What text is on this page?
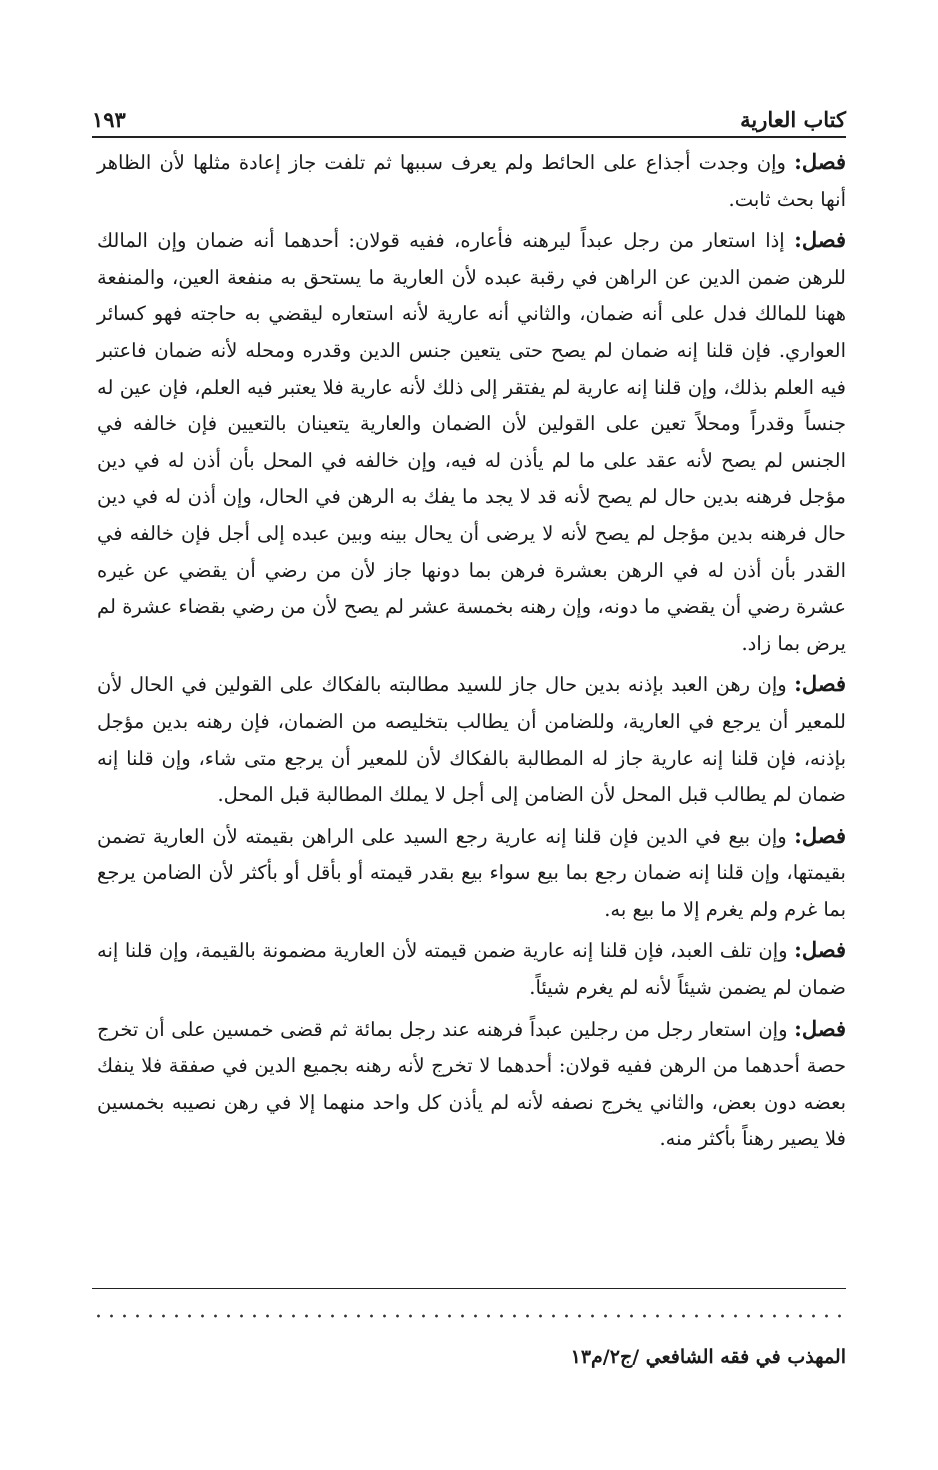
كتاب العارية
١٩٣

فصل: وإن وجدت أجذاع على الحائط ولم يعرف سببها ثم تلفت جاز إعادة مثلها لأن الظاهر أنها بحث ثابت.

فصل: إذا استعار من رجل عبداً ليرهنه فأعاره، ففيه قولان: أحدهما أنه ضمان وإن المالك للرهن ضمن الدين عن الراهن في رقبة عبده لأن العارية ما يستحق به منفعة العين، والمنفعة ههنا للمالك فدل على أنه ضمان، والثاني أنه عارية لأنه استعاره ليقضي به حاجته فهو كسائر العواري. فإن قلنا إنه ضمان لم يصح حتى يتعين جنس الدين وقدره ومحله لأنه ضمان فاعتبر فيه العلم بذلك، وإن قلنا إنه عارية لم يفتقر إلى ذلك لأنه عارية فلا يعتبر فيه العلم، فإن عين له جنساً وقدراً ومحلاً تعين على القولين لأن الضمان والعارية يتعينان بالتعيين فإن خالفه في الجنس لم يصح لأنه عقد على ما لم يأذن له فيه، وإن خالفه في المحل بأن أذن له في دين مؤجل فرهنه بدين حال لم يصح لأنه قد لا يجد ما يفك به الرهن في الحال، وإن أذن له في دين حال فرهنه بدين مؤجل لم يصح لأنه لا يرضى أن يحال بينه وبين عبده إلى أجل فإن خالفه في القدر بأن أذن له في الرهن بعشرة فرهن بما دونها جاز لأن من رضي أن يقضي عن غيره عشرة رضي أن يقضي ما دونه، وإن رهنه بخمسة عشر لم يصح لأن من رضي بقضاء عشرة لم يرض بما زاد.

فصل: وإن رهن العبد بإذنه بدين حال جاز للسيد مطالبته بالفكاك على القولين في الحال لأن للمعير أن يرجع في العارية، وللضامن أن يطالب بتخليصه من الضمان، فإن رهنه بدين مؤجل بإذنه، فإن قلنا إنه عارية جاز له المطالبة بالفكاك لأن للمعير أن يرجع متى شاء، وإن قلنا إنه ضمان لم يطالب قبل المحل لأن الضامن إلى أجل لا يملك المطالبة قبل المحل.

فصل: وإن بيع في الدين فإن قلنا إنه عارية رجع السيد على الراهن بقيمته لأن العارية تضمن بقيمتها، وإن قلنا إنه ضمان رجع بما بيع سواء بيع بقدر قيمته أو بأقل أو بأكثر لأن الضامن يرجع بما غرم ولم يغرم إلا ما بيع به.

فصل: وإن تلف العبد، فإن قلنا إنه عارية ضمن قيمته لأن العارية مضمونة بالقيمة، وإن قلنا إنه ضمان لم يضمن شيئاً لأنه لم يغرم شيئاً.

فصل: وإن استعار رجل من رجلين عبداً فرهنه عند رجل بمائة ثم قضى خمسين على أن تخرج حصة أحدهما من الرهن ففيه قولان: أحدهما لا تخرج لأنه رهنه بجميع الدين في صفقة فلا ينفك بعضه دون بعض، والثاني يخرج نصفه لأنه لم يأذن كل واحد منهما إلا في رهن نصيبه بخمسين فلا يصير رهناً بأكثر منه.

المهذب في فقه الشافعي /ج٢/م١٣
